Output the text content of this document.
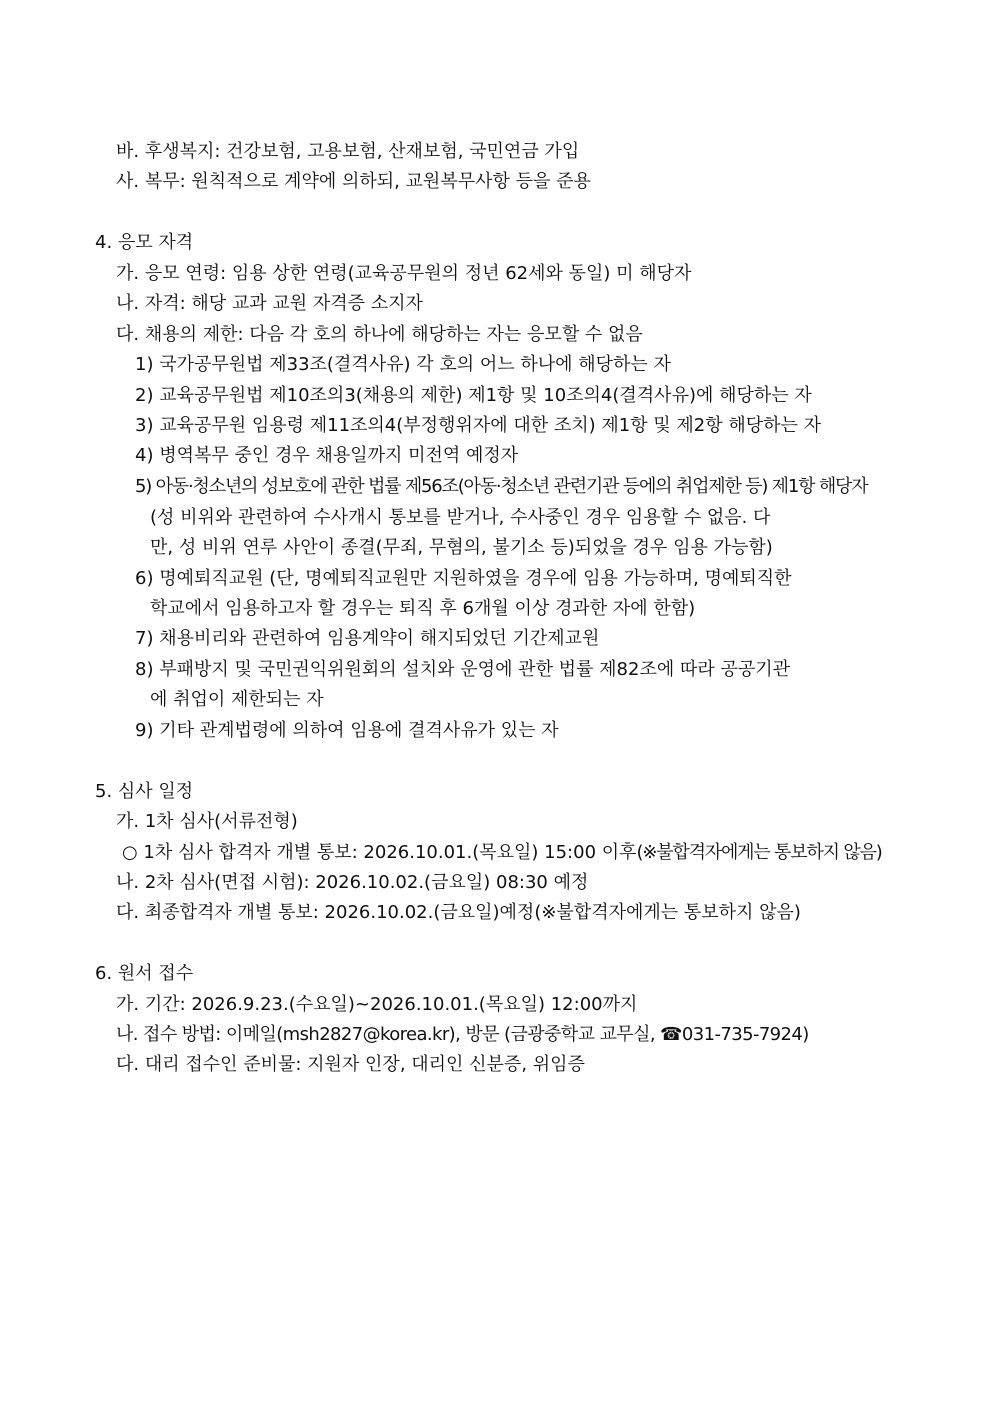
바. 후생복지: 건강보험, 고용보험, 산재보험, 국민연금 가입
사. 복무: 원칙적으로 계약에 의하되, 교원복무사항 등을 준용
4. 응모 자격
가. 응모 연령: 임용 상한 연령(교육공무원의 정년 62세와 동일) 미 해당자
나. 자격: 해당 교과 교원 자격증 소지자
다. 채용의 제한: 다음 각 호의 하나에 해당하는 자는 응모할 수 없음
1) 국가공무원법 제33조(결격사유) 각 호의 어느 하나에 해당하는 자
2) 교육공무원법 제10조의3(채용의 제한) 제1항 및 10조의4(결격사유)에 해당하는 자
3) 교육공무원 임용령 제11조의4(부정행위자에 대한 조치) 제1항 및 제2항 해당하는 자
4) 병역복무 중인 경우 채용일까지 미전역 예정자
5) 아동·청소년의 성보호에 관한 법률 제56조(아동·청소년 관련기관 등에의 취업제한 등) 제1항 해당자
(성 비위와 관련하여 수사개시 통보를 받거나, 수사중인 경우 임용할 수 없음. 다
만, 성 비위 연루 사안이 종결(무죄, 무혐의, 불기소 등)되었을 경우 임용 가능함)
6) 명예퇴직교원 (단, 명예퇴직교원만 지원하였을 경우에 임용 가능하며, 명예퇴직한
학교에서 임용하고자 할 경우는 퇴직 후 6개월 이상 경과한 자에 한함)
7) 채용비리와 관련하여 임용계약이 해지되었던 기간제교원
8) 부패방지 및 국민권익위원회의 설치와 운영에 관한 법률 제82조에 따라 공공기관
에 취업이 제한되는 자
9) 기타 관계법령에 의하여 임용에 결격사유가 있는 자
5. 심사 일정
가. 1차 심사(서류전형)
○ 1차 심사 합격자 개별 통보: 2026.10.01.(목요일) 15:00 이후(※불합격자에게는 통보하지 않음)
나. 2차 심사(면접 시험): 2026.10.02.(금요일) 08:30 예정
다. 최종합격자 개별 통보: 2026.10.02.(금요일)예정(※불합격자에게는 통보하지 않음)
6. 원서 접수
가. 기간: 2026.9.23.(수요일)~2026.10.01.(목요일) 12:00까지
나. 접수 방법: 이메일(msh2827@korea.kr), 방문 (금광중학교 교무실, ☎031-735-7924)
다. 대리 접수인 준비물: 지원자 인장, 대리인 신분증, 위임증
